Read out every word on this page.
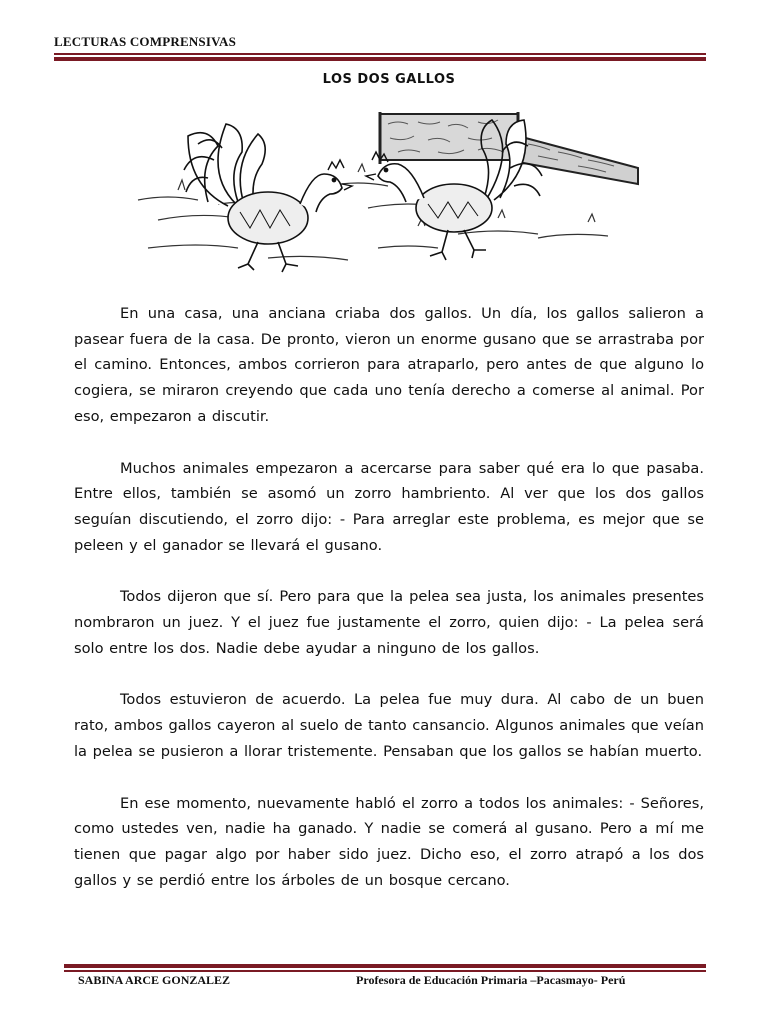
LECTURAS COMPRENSIVAS
LOS DOS GALLOS

En una casa, una anciana criaba dos gallos. Un día, los gallos salieron a pasear fuera de la casa. De pronto, vieron un enorme gusano que se arrastraba por el camino. Entonces, ambos corrieron para atraparlo, pero antes de que alguno lo cogiera, se miraron creyendo que cada uno tenía derecho a comerse al animal. Por eso, empezaron a discutir.

Muchos animales empezaron a acercarse para saber qué era lo que pasaba. Entre ellos, también se asomó un zorro hambriento. Al ver que los dos gallos seguían discutiendo, el zorro dijo: - Para arreglar este problema, es mejor que se peleen y el ganador se llevará el gusano.

Todos dijeron que sí. Pero para que la pelea sea justa, los animales presentes nombraron un juez. Y el juez fue justamente el zorro, quien dijo: - La pelea será solo entre los dos. Nadie debe ayudar a ninguno de los gallos.

Todos estuvieron de acuerdo. La pelea fue muy dura. Al cabo de un buen rato, ambos gallos cayeron al suelo de tanto cansancio. Algunos animales que veían la pelea se pusieron a llorar tristemente. Pensaban que los gallos se habían muerto.

En ese momento, nuevamente habló el zorro a todos los animales: - Señores, como ustedes ven, nadie ha ganado. Y nadie se comerá al gusano. Pero a mí me tienen que pagar algo por haber sido juez. Dicho eso, el zorro atrapó a los dos gallos y se perdió entre los árboles de un bosque cercano.

SABINA ARCE GONZALEZ	Profesora de Educación Primaria –Pacasmayo- Perú
